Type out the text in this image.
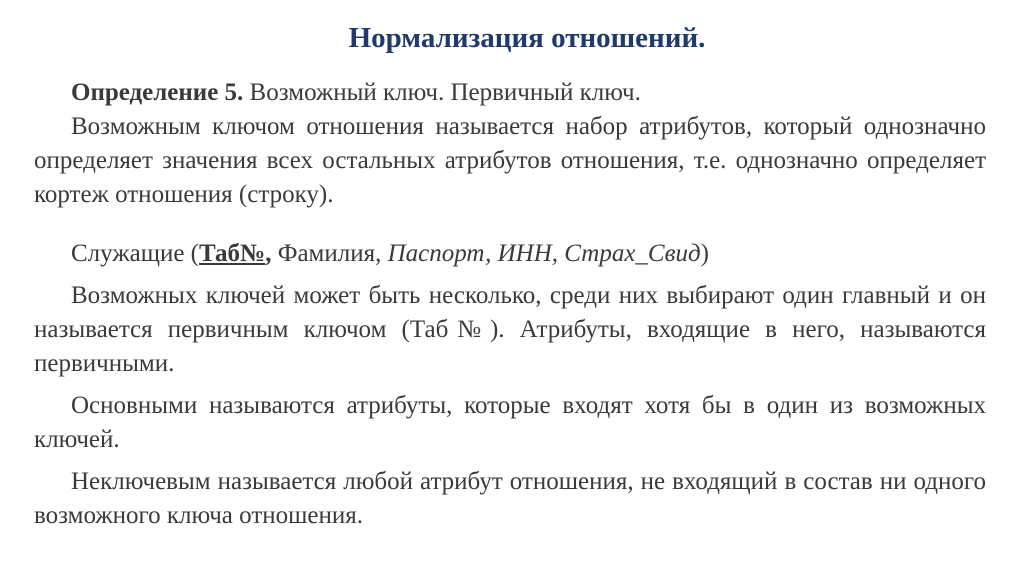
Нормализация отношений.

Определение 5. Возможный ключ. Первичный ключ.

Возможным ключом отношения называется набор атрибутов, который однозначно определяет значения всех остальных атрибутов отношения, т.е. однозначно определяет кортеж отношения (строку).

Служащие (Таб№, Фамилия, Паспорт, ИНН, Страх_Свид)

Возможных ключей может быть несколько, среди них выбирают один главный и он называется первичным ключом (Таб№). Атрибуты, входящие в него, называются первичными.

Основными называются атрибуты, которые входят хотя бы в один из возможных ключей.

Неключевым называется любой атрибут отношения, не входящий в состав ни одного возможного ключа отношения.
